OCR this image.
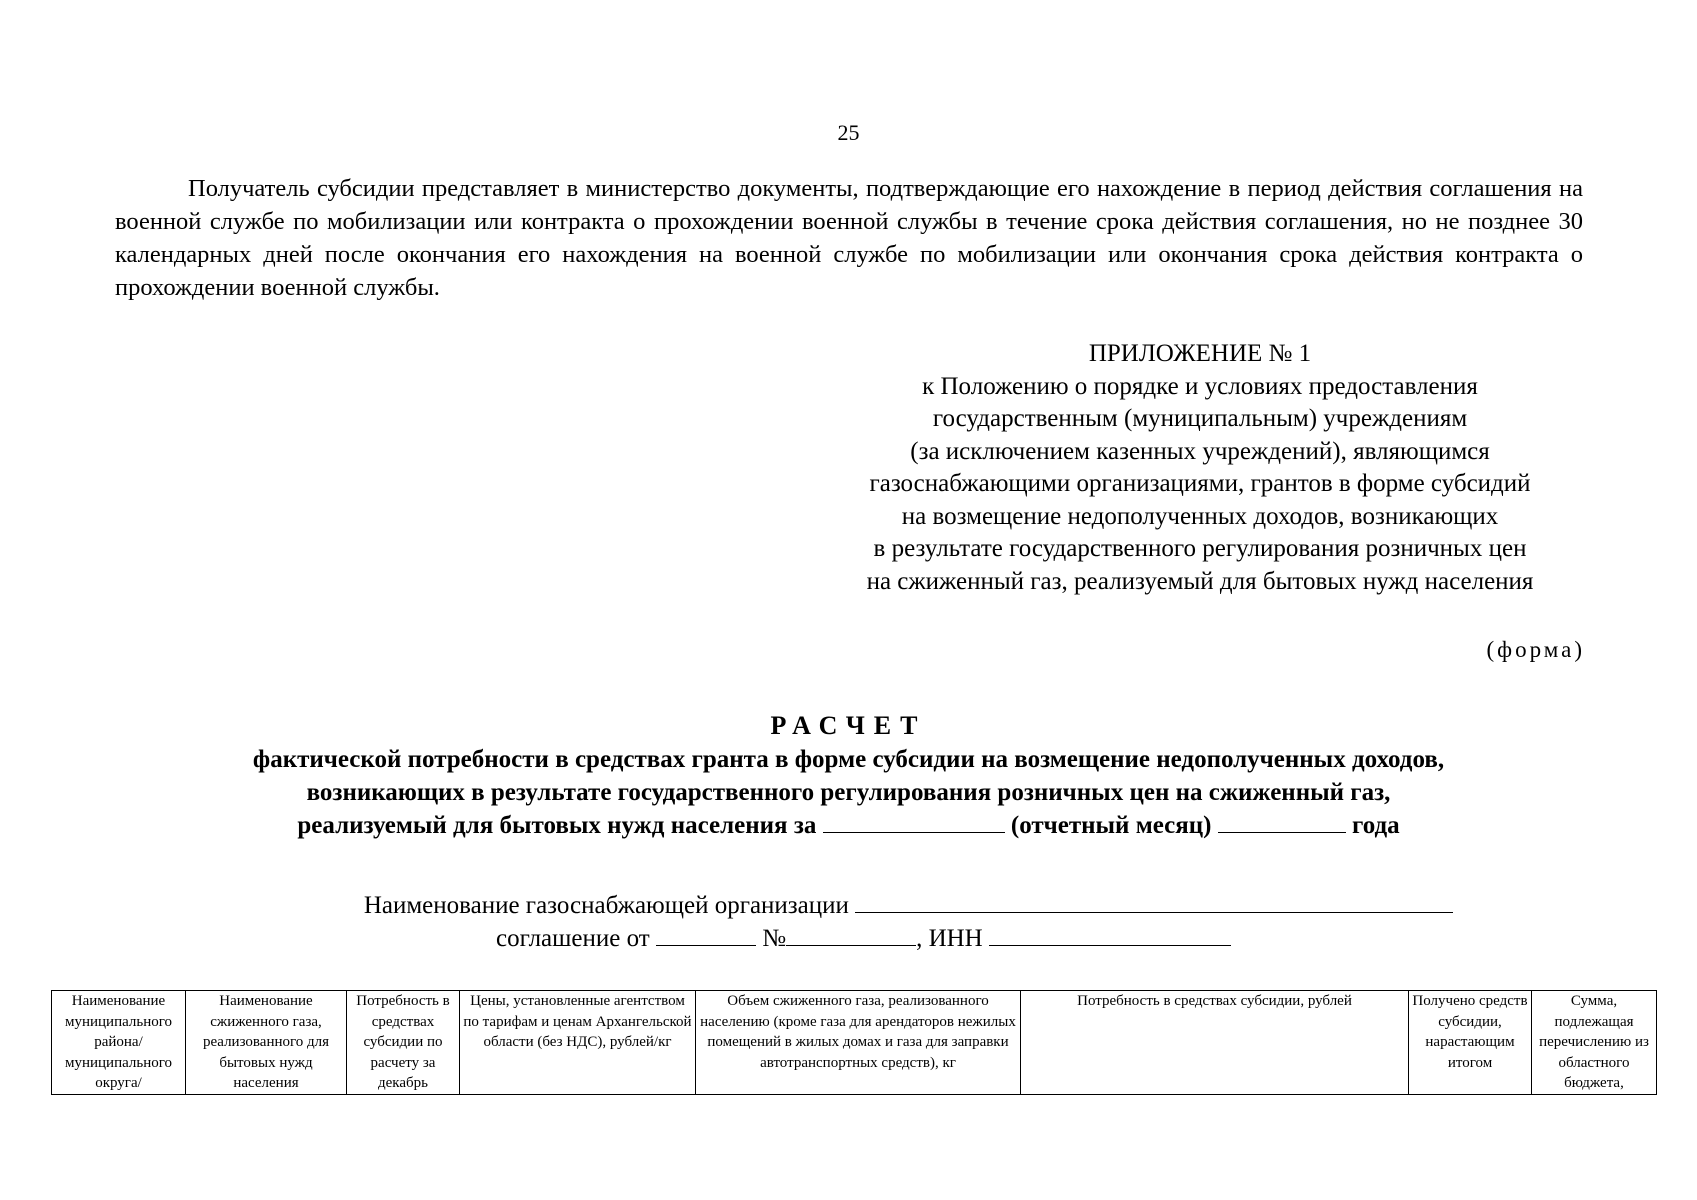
25

Получатель субсидии представляет в министерство документы, подтверждающие его нахождение в период действия соглашения на военной службе по мобилизации или контракта о прохождении военной службы в течение срока действия соглашения, но не позднее 30 календарных дней после окончания его нахождения на военной службе по мобилизации или окончания срока действия контракта о прохождении военной службы.

ПРИЛОЖЕНИЕ № 1
к Положению о порядке и условиях предоставления
государственным (муниципальным) учреждениям
(за исключением казенных учреждений), являющимся
газоснабжающими организациями, грантов в форме субсидий
на возмещение недополученных доходов, возникающих
в результате государственного регулирования розничных цен
на сжиженный газ, реализуемый для бытовых нужд населения
(форма)
РАСЧЕТ
фактической потребности в средствах гранта в форме субсидии на возмещение недополученных доходов,
возникающих в результате государственного регулирования розничных цен на сжиженный газ,
реализуемый для бытовых нужд населения за	(отчетный месяц)	года
Наименование газоснабжающей организации
соглашение от	№	, ИНН
Наименование муниципального района/ муниципального округа/	Наименование сжиженного газа, реализованного для бытовых нужд населения	Потребность в средствах субсидии по расчету за декабрь	Цены, установленные агентством по тарифам и ценам Архангельской области (без НДС), рублей/кг	Объем сжиженного газа, реализованного населению (кроме газа для арендаторов нежилых помещений в жилых домах и газа для заправки автотранспортных средств), кг	Потребность в средствах субсидии, рублей	Получено средств субсидии, нарастающим итогом	Сумма, подлежащая перечислению из областного бюджета,
